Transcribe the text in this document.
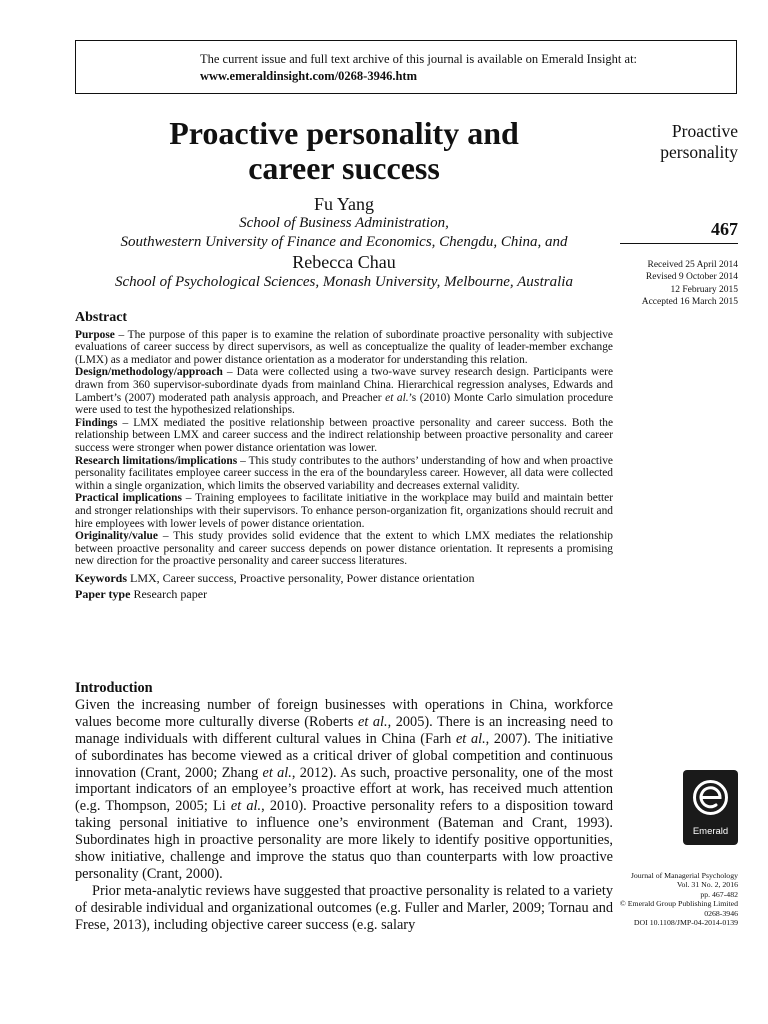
The current issue and full text archive of this journal is available on Emerald Insight at:
www.emeraldinsight.com/0268-3946.htm
Proactive personality and
career success
Fu Yang
School of Business Administration,
Southwestern University of Finance and Economics, Chengdu, China, and
Rebecca Chau
School of Psychological Sciences, Monash University, Melbourne, Australia
Proactive
personality
467
Received 25 April 2014
Revised 9 October 2014
12 February 2015
Accepted 16 March 2015
Abstract

Purpose – The purpose of this paper is to examine the relation of subordinate proactive personality with subjective evaluations of career success by direct supervisors, as well as conceptualize the quality of leader-member exchange (LMX) as a mediator and power distance orientation as a moderator for understanding this relation.

Design/methodology/approach – Data were collected using a two-wave survey research design. Participants were drawn from 360 supervisor-subordinate dyads from mainland China. Hierarchical regression analyses, Edwards and Lambert’s (2007) moderated path analysis approach, and Preacher et al.’s (2010) Monte Carlo simulation procedure were used to test the hypothesized relationships.

Findings – LMX mediated the positive relationship between proactive personality and career success. Both the relationship between LMX and career success and the indirect relationship between proactive personality and career success were stronger when power distance orientation was lower.

Research limitations/implications – This study contributes to the authors’ understanding of how and when proactive personality facilitates employee career success in the era of the boundaryless career. However, all data were collected within a single organization, which limits the observed variability and decreases external validity.

Practical implications – Training employees to facilitate initiative in the workplace may build and maintain better and stronger relationships with their supervisors. To enhance person-organization fit, organizations should recruit and hire employees with lower levels of power distance orientation.

Originality/value – This study provides solid evidence that the extent to which LMX mediates the relationship between proactive personality and career success depends on power distance orientation. It represents a promising new direction for the proactive personality and career success literatures.

Keywords LMX, Career success, Proactive personality, Power distance orientation

Paper type Research paper

Introduction

Given the increasing number of foreign businesses with operations in China, workforce values become more culturally diverse (Roberts et al., 2005). There is an increasing need to manage individuals with different cultural values in China (Farh et al., 2007). The initiative of subordinates has become viewed as a critical driver of global competition and continuous innovation (Crant, 2000; Zhang et al., 2012). As such, proactive personality, one of the most important indicators of an employee’s proactive effort at work, has received much attention (e.g. Thompson, 2005; Li et al., 2010). Proactive personality refers to a disposition toward taking personal initiative to influence one’s environment (Bateman and Crant, 1993). Subordinates high in proactive personality are more likely to identify positive opportunities, show initiative, challenge and improve the status quo than counterparts with low proactive personality (Crant, 2000).

Prior meta-analytic reviews have suggested that proactive personality is related to a variety of desirable individual and organizational outcomes (e.g. Fuller and Marler, 2009; Tornau and Frese, 2013), including objective career success (e.g. salary

Emerald
Journal of Managerial Psychology
Vol. 31 No. 2, 2016
pp. 467-482
© Emerald Group Publishing Limited
0268-3946
DOI 10.1108/JMP-04-2014-0139
